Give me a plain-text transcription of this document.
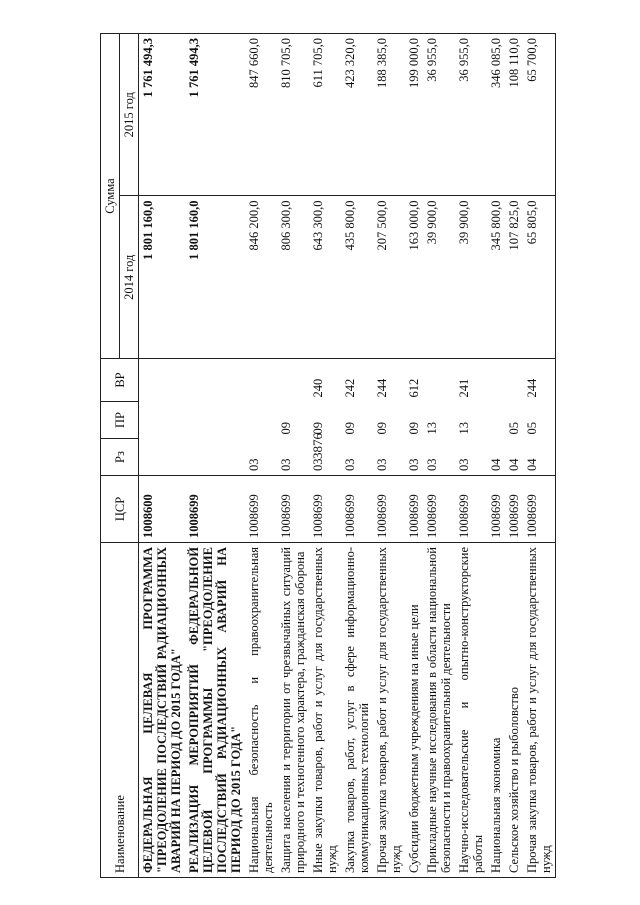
3876
Наименование	ЦСР	Рз	ПР	ВР	Сумма	
					2014 год	2015 год
ФЕДЕРАЛЬНАЯ ЦЕЛЕВАЯ ПРОГРАММА "ПРЕОДОЛЕНИЕ ПОСЛЕДСТВИЙ РАДИАЦИОННЫХ АВАРИЙ НА ПЕРИОД ДО 2015 ГОДА"	1008600				1 801 160,0	1 761 494,3
РЕАЛИЗАЦИЯ МЕРОПРИЯТИЙ ФЕДЕРАЛЬНОЙ ЦЕЛЕВОЙ ПРОГРАММЫ "ПРЕОДОЛЕНИЕ ПОСЛЕДСТВИЙ РАДИАЦИОННЫХ АВАРИЙ НА ПЕРИОД ДО 2015 ГОДА"	1008699				1 801 160,0	1 761 494,3
Национальная безопасность и правоохранительная деятельность	1008699	03			846 200,0	847 660,0
Защита населения и территории от чрезвычайных ситуаций природного и техногенного характера, гражданская оборона	1008699	03	09		806 300,0	810 705,0
Иные закупки товаров, работ и услуг для государственных нужд	1008699	03	09	240	643 300,0	611 705,0
Закупка товаров, работ, услуг в сфере информационно-коммуникационных технологий	1008699	03	09	242	435 800,0	423 320,0
Прочая закупка товаров, работ и услуг для государственных нужд	1008699	03	09	244	207 500,0	188 385,0
Субсидии бюджетным учреждениям на иные цели	1008699	03	09	612	163 000,0	199 000,0
Прикладные научные исследования в области национальной безопасности и правоохранительной деятельности	1008699	03	13		39 900,0	36 955,0
Научно-исследовательские и опытно-конструкторские работы	1008699	03	13	241	39 900,0	36 955,0
Национальная экономика	1008699	04			345 800,0	346 085,0
Сельское хозяйство и рыболовство	1008699	04	05		107 825,0	108 110,0
Прочая закупка товаров, работ и услуг для государственных нужд	1008699	04	05	244	65 805,0	65 700,0
